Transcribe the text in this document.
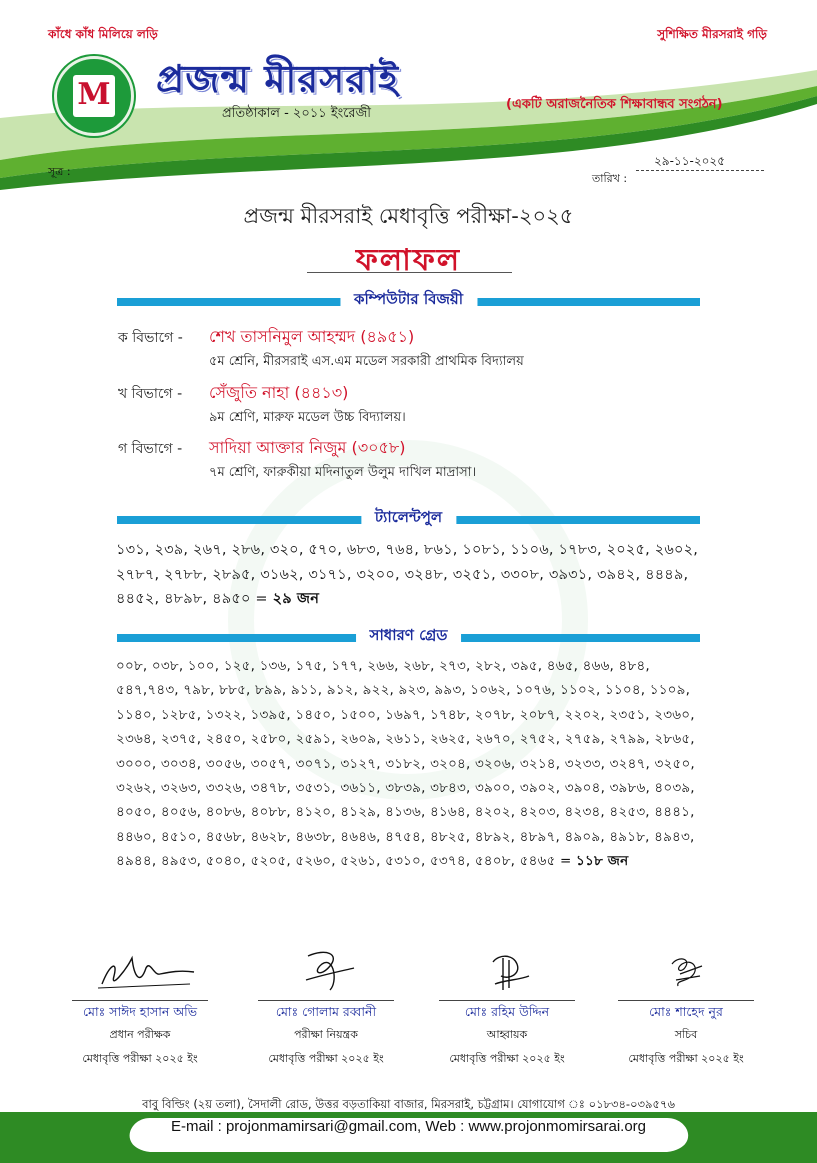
কাঁধে কাঁধ মিলিয়ে লড়ি	সুশিক্ষিত মীরসরাই গড়ি
M প্রজন্ম মীরসরাই
প্রতিষ্ঠাকাল - ২০১১ ইংরেজী
(একটি অরাজনৈতিক শিক্ষাবান্ধব সংগঠন)
সূত্র :
২৯-১১-২০২৫
তারিখ :
প্রজন্ম মীরসরাই মেধাবৃত্তি পরীক্ষা-২০২৫
ফলাফল
কম্পিউটার বিজয়ী
ক বিভাগে - শেখ তাসনিমুল আহম্মদ (৪৯৫১)
৫ম শ্রেনি, মীরসরাই এস.এম মডেল সরকারী প্রাথমিক বিদ্যালয়
খ বিভাগে - সেঁজুতি নাহা (৪৪১৩)
৯ম শ্রেণি, মারুফ মডেল উচ্চ বিদ্যালয়।
গ বিভাগে - সাদিয়া আক্তার নিজুম (৩০৫৮)
৭ম শ্রেণি, ফারুকীয়া মদিনাতুল উলুম দাখিল মাদ্রাসা।
ট্যালেন্টপুল
১৩১, ২৩৯, ২৬৭, ২৮৬, ৩২০, ৫৭০, ৬৮৩, ৭৬৪, ৮৬১, ১০৮১, ১১০৬, ১৭৮৩, ২০২৫, ২৬০২, ২৭৮৭, ২৭৮৮, ২৮৯৫, ৩১৬২, ৩১৭১, ৩২০০, ৩২৪৮, ৩২৫১, ৩৩০৮, ৩৯৩১, ৩৯৪২, ৪৪৪৯, ৪৪৫২, ৪৮৯৮, ৪৯৫০ = ২৯ জন
সাধারণ গ্রেড
০০৮, ০৩৮, ১০০, ১২৫, ১৩৬, ১৭৫, ১৭৭, ২৬৬, ২৬৮, ২৭৩, ২৮২, ৩৯৫, ৪৬৫, ৪৬৬, ৪৮৪, ৫৪৭,৭৪৩, ৭৯৮, ৮৮৫, ৮৯৯, ৯১১, ৯১২, ৯২২, ৯২৩, ৯৯৩, ১০৬২, ১০৭৬, ১১০২, ১১০৪, ১১০৯, ১১৪০, ১২৮৫, ১৩২২, ১৩৯৫, ১৪৫০, ১৫০০, ১৬৯৭, ১৭৪৮, ২০৭৮, ২০৮৭, ২২০২, ২৩৫১, ২৩৬০, ২৩৬৪, ২৩৭৫, ২৪৫০, ২৫৮০, ২৫৯১, ২৬০৯, ২৬১১, ২৬২৫, ২৬৭০, ২৭৫২, ২৭৫৯, ২৭৯৯, ২৮৬৫, ৩০০০, ৩০৩৪, ৩০৫৬, ৩০৫৭, ৩০৭১, ৩১২৭, ৩১৮২, ৩২০৪, ৩২০৬, ৩২১৪, ৩২৩৩, ৩২৪৭, ৩২৫০, ৩২৬২, ৩২৬৩, ৩৩২৬, ৩৪৭৮, ৩৫৩১, ৩৬১১, ৩৮৩৯, ৩৮৪৩, ৩৯০০, ৩৯০২, ৩৯০৪, ৩৯৮৬, ৪০৩৯, ৪০৫০, ৪০৫৬, ৪০৮৬, ৪০৮৮, ৪১২০, ৪১২৯, ৪১৩৬, ৪১৬৪, ৪২০২, ৪২০৩, ৪২৩৪, ৪২৫৩, ৪৪৪১, ৪৪৬০, ৪৫১০, ৪৫৬৮, ৪৬২৮, ৪৬৩৮, ৪৬৪৬, ৪৭৫৪, ৪৮২৫, ৪৮৯২, ৪৮৯৭, ৪৯০৯, ৪৯১৮, ৪৯৪৩, ৪৯৪৪, ৪৯৫৩, ৫০৪০, ৫২০৫, ৫২৬০, ৫২৬১, ৫৩১০, ৫৩৭৪, ৫৪০৮, ৫৪৬৫ = ১১৮ জন
মোঃ সাঈদ হাসান অভি
প্রধান পরীক্ষক
মেধাবৃত্তি পরীক্ষা ২০২৫ ইং
মোঃ গোলাম রব্বানী
পরীক্ষা নিয়ন্ত্রক
মেধাবৃত্তি পরীক্ষা ২০২৫ ইং
মোঃ রহিম উদ্দিন
আহ্বায়ক
মেধাবৃত্তি পরীক্ষা ২০২৫ ইং
মোঃ শাহেদ নুর
সচিব
মেধাবৃত্তি পরীক্ষা ২০২৫ ইং
বাবু বিল্ডিং (২য় তলা), সৈদালী রোড, উত্তর বড়তাকিয়া বাজার, মিরসরাই, চট্টগ্রাম। যোগাযোগ ঃ ০১৮৩৪-০৩৯৫৭৬
E-mail : projonmamirsari@gmail.com, Web : www.projonmomirsarai.org
